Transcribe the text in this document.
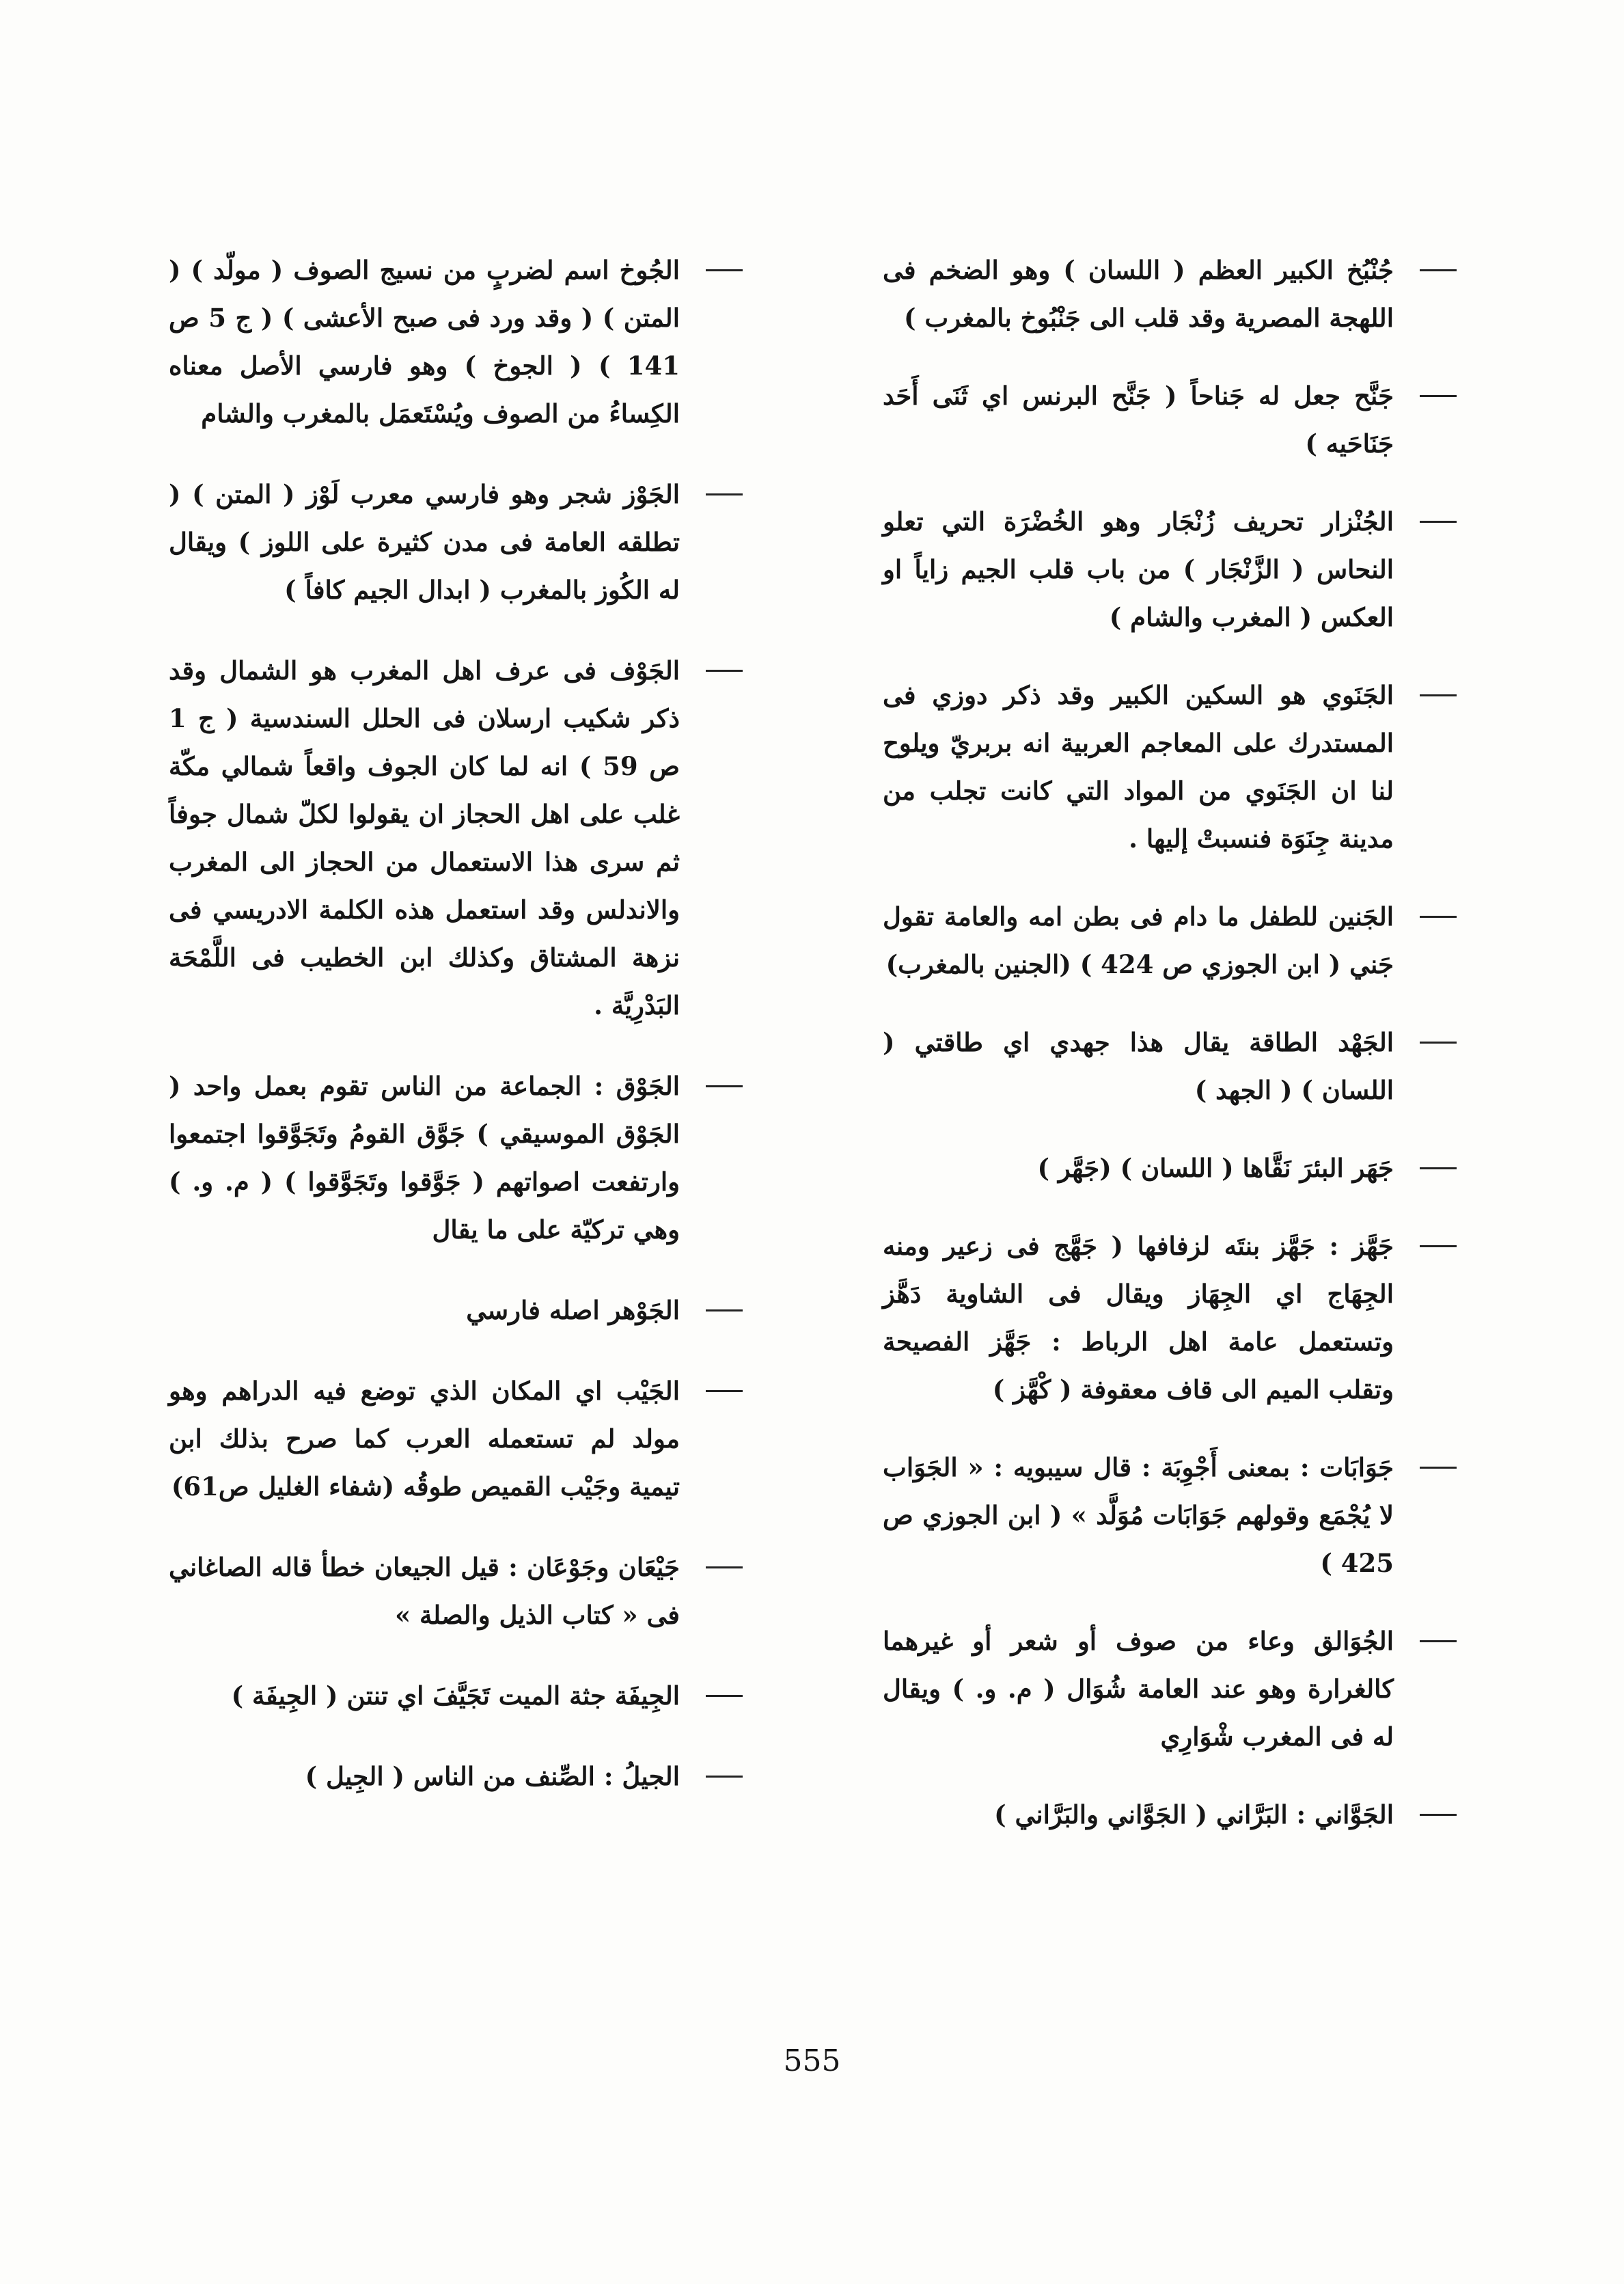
جُنْبُخ الكبير العظم ( اللسان ) وهو الضخم فى اللهجة المصرية وقد قلب الى جَنْبُوخ بالمغرب )

جَنَّح جعل له جَناحاً ( جَنَّح البرنس اي ثَنَى أَحَد جَنَاحَيه )

الجُنْزار تحريف زُنْجَار وهو الخُضْرَة التي تعلو النحاس ( الزَّنْجَار ) من باب قلب الجيم زاياً او العكس ( المغرب والشام )

الجَنَوي هو السكين الكبير وقد ذكر دوزي فى المستدرك على المعاجم العربية انه بربريّ ويلوح لنا ان الجَنَوي من المواد التي كانت تجلب من مدينة جِنَوَة فنسبتْ إليها .

الجَنين للطفل ما دام فى بطن امه والعامة تقول جَني ( ابن الجوزي ص 424 ) (الجنين بالمغرب)

الجَهْد الطاقة يقال هذا جهدي اي طاقتي ( اللسان ) ( الجهد )

جَهَر البئرَ نَقَّاها ( اللسان ) (جَهَّر )

جَهَّز : جَهَّز بنتَه لزفافها ( جَهَّج فى زعير ومنه الجِهَاج اي الجِهَاز ويقال فى الشاوية دَهَّز وتستعمل عامة اهل الرباط : جَهَّز الفصيحة وتقلب الميم الى قاف معقوفة ( كْهَّز )

جَوَابَات : بمعنى أَجْوِبَة : قال سيبويه : « الجَوَاب لا يُجْمَع وقولهم جَوَابَات مُوَلَّد » ( ابن الجوزي ص 425 )

الجُوَالق وعاء من صوف أو شعر أو غيرهما كالغرارة وهو عند العامة شُوَال ( م. و. ) ويقال له فى المغرب شْوَارِي

الجَوَّاني : البَرَّاني ( الجَوَّاني والبَرَّاني )

الجُوخ اسم لضربٍ من نسيج الصوف ( مولّد ) ( المتن ) ( وقد ورد فى صبح الأعشى ) ( ج 5 ص 141 ) ( الجوخ ) وهو فارسي الأصل معناه الكِساءُ من الصوف ويُسْتَعمَل بالمغرب والشام

الجَوْز شجر وهو فارسي معرب لَوْز ( المتن ) ( تطلقه العامة فى مدن كثيرة على اللوز ) ويقال له الكُوز بالمغرب ( ابدال الجيم كافاً )

الجَوْف فى عرف اهل المغرب هو الشمال وقد ذكر شكيب ارسلان فى الحلل السندسية ( ج 1 ص 59 ) انه لما كان الجوف واقعاً شمالي مكّة غلب على اهل الحجاز ان يقولوا لكلّ شمال جوفاً ثم سرى هذا الاستعمال من الحجاز الى المغرب والاندلس وقد استعمل هذه الكلمة الادريسي فى نزهة المشتاق وكذلك ابن الخطيب فى اللَّمْحَة البَدْرِيَّة .

الجَوْق : الجماعة من الناس تقوم بعمل واحد ( الجَوْق الموسيقي ) جَوَّق القومُ وتَجَوَّقوا اجتمعوا وارتفعت اصواتهم ( جَوَّقوا وتَجَوَّقوا ) ( م. و. ) وهي تركيّة على ما يقال

الجَوْهر اصله فارسي

الجَيْب اي المكان الذي توضع فيه الدراهم وهو مولد لم تستعمله العرب كما صرح بذلك ابن تيمية وجَيْب القميص طوقُه (شفاء الغليل ص61)

جَيْعَان وجَوْعَان : قيل الجيعان خطأ قاله الصاغاني فى « كتاب الذيل والصلة »

الجِيفَة جثة الميت تَجَيَّفَ اي تنتن ( الجِيفَة )

الجيلُ : الصِّنف من الناس ( الجِيل )

555
